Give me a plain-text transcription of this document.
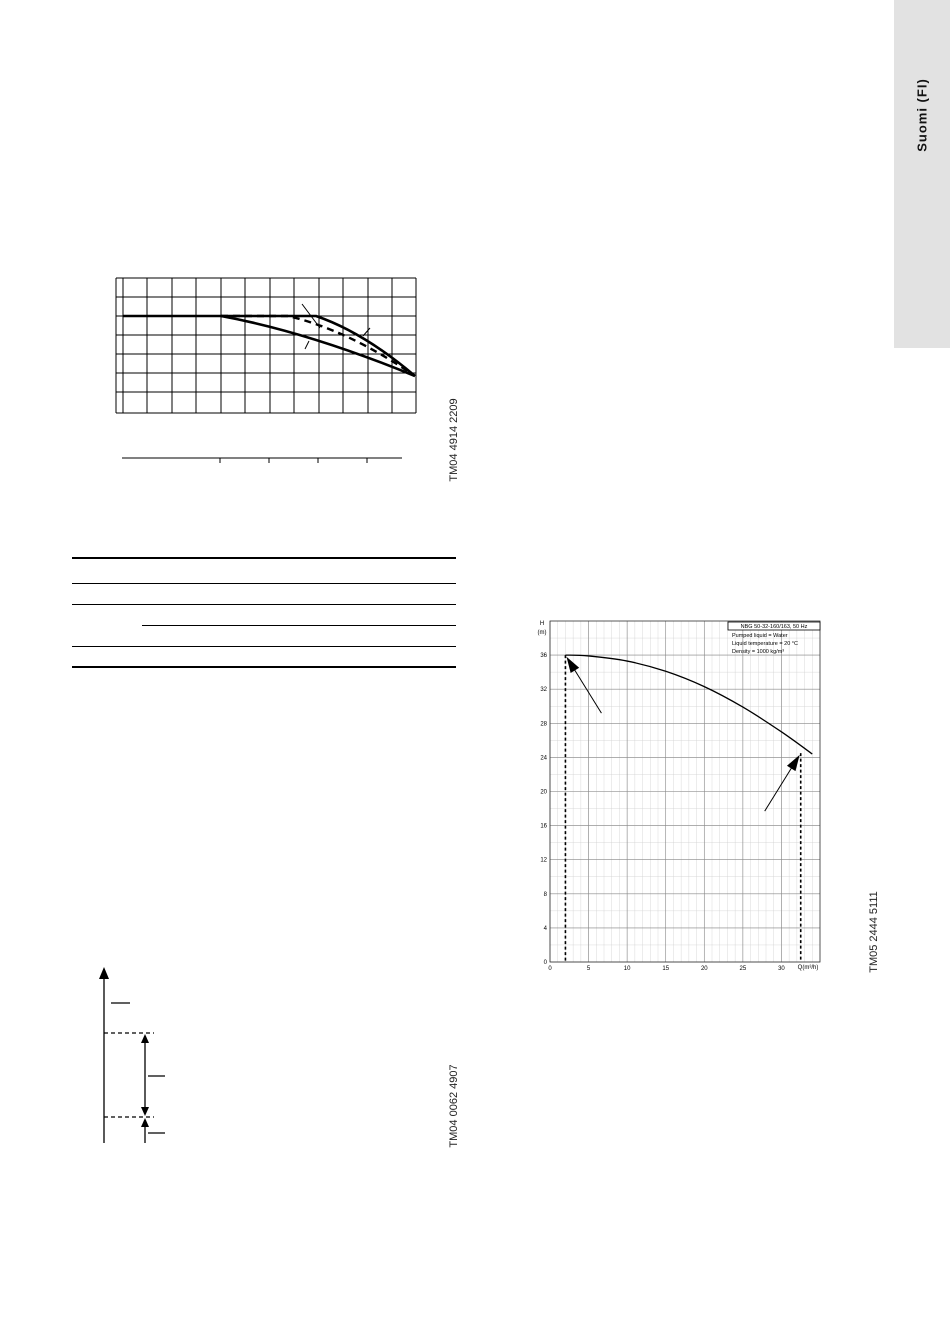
Suomi (FI)
TM04 4914 2209
TM04 0062 4907
0	5	10	15	20	25	30
0
4
8
12
16
20
24
28
32
36
H
(m)
Q(m³/h)
NBG 50-32-160/163, 50 Hz
Pumped liquid = Water
Liquid temperature = 20 °C
Density = 1000 kg/m³
TM05 2444 5111
